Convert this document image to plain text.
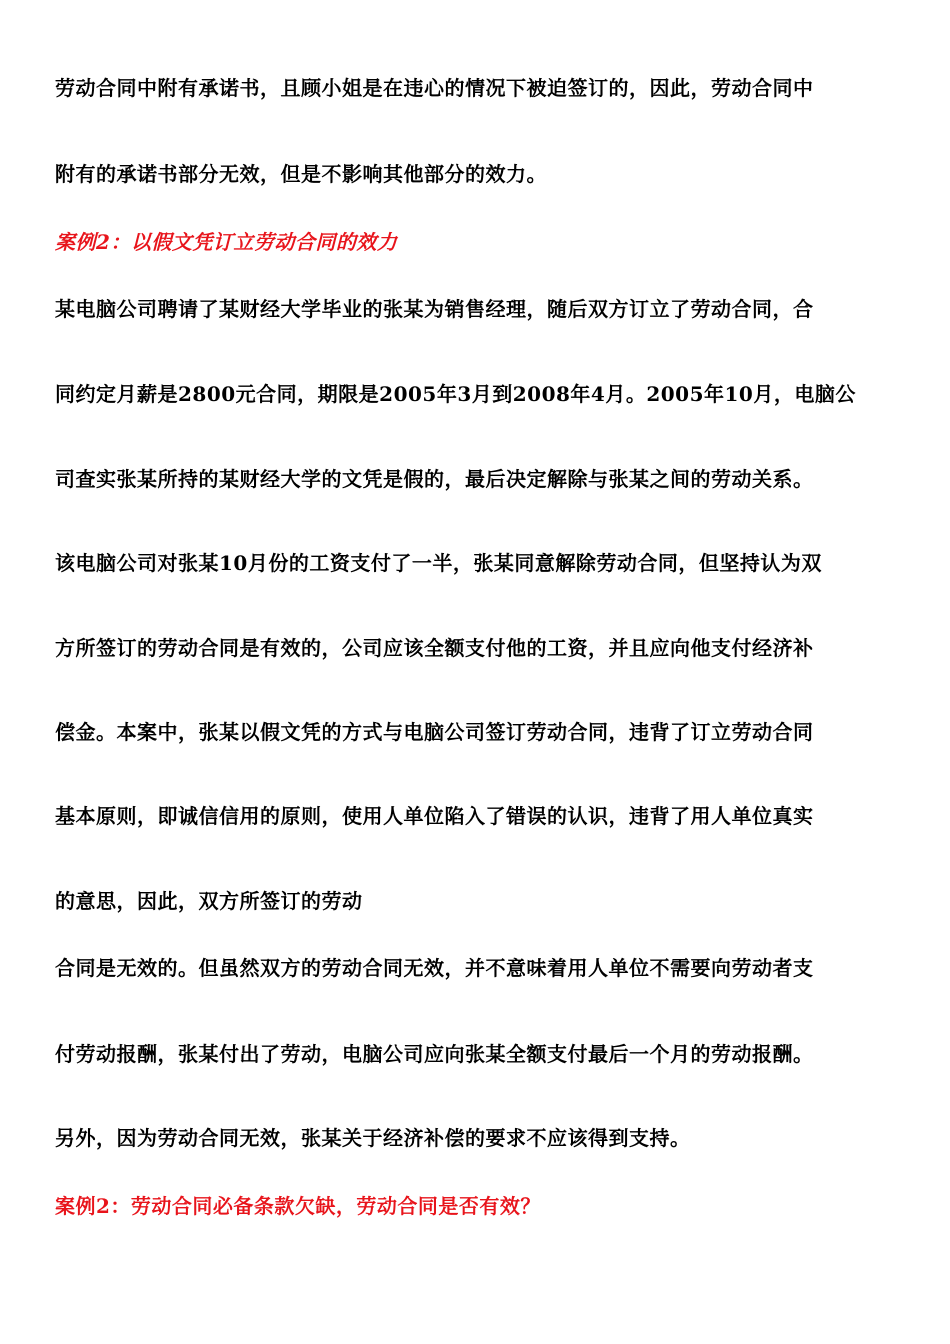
劳动合同中附有承诺书，且顾小姐是在违心的情况下被迫签订的，因此，劳动合同中
附有的承诺书部分无效，但是不影响其他部分的效力。
案例2：以假文凭订立劳动合同的效力
某电脑公司聘请了某财经大学毕业的张某为销售经理，随后双方订立了劳动合同，合
同约定月薪是2800元合同，期限是2005年3月到2008年4月。2005年10月，电脑公
司查实张某所持的某财经大学的文凭是假的，最后决定解除与张某之间的劳动关系。
该电脑公司对张某10月份的工资支付了一半，张某同意解除劳动合同，但坚持认为双
方所签订的劳动合同是有效的，公司应该全额支付他的工资，并且应向他支付经济补
偿金。本案中，张某以假文凭的方式与电脑公司签订劳动合同，违背了订立劳动合同
基本原则，即诚信信用的原则，使用人单位陷入了错误的认识，违背了用人单位真实
的意思，因此，双方所签订的劳动
合同是无效的。但虽然双方的劳动合同无效，并不意味着用人单位不需要向劳动者支
付劳动报酬，张某付出了劳动，电脑公司应向张某全额支付最后一个月的劳动报酬。
另外，因为劳动合同无效，张某关于经济补偿的要求不应该得到支持。
案例2：劳动合同必备条款欠缺，劳动合同是否有效？
